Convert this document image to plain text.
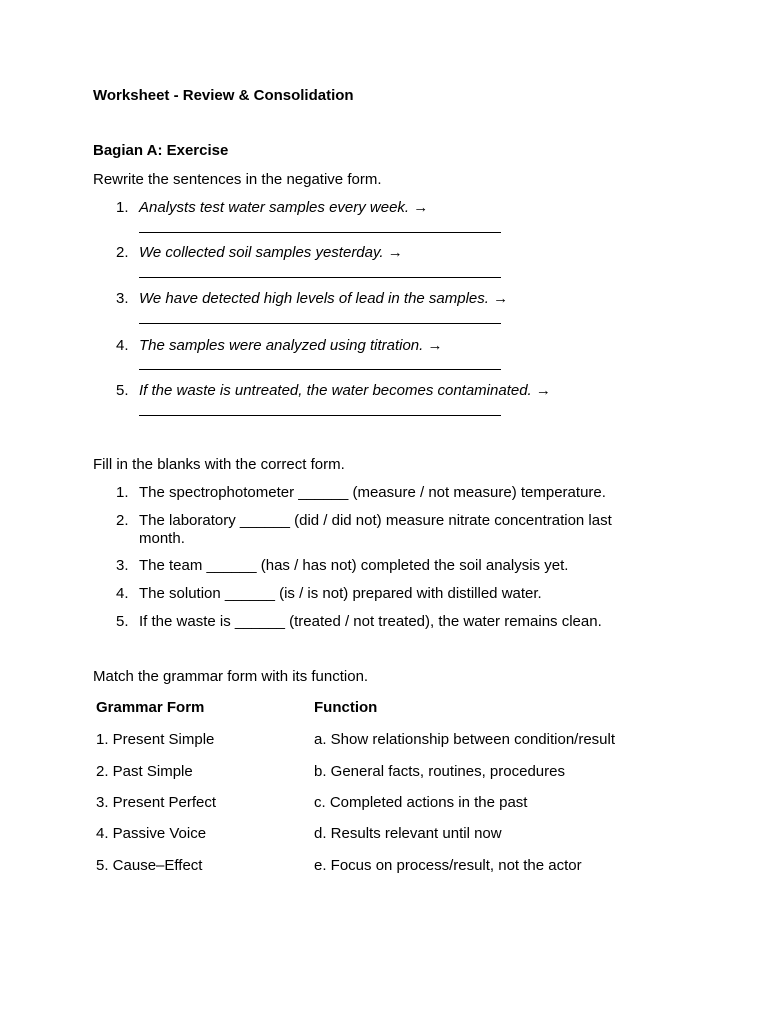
Worksheet - Review & Consolidation
Bagian A: Exercise
Rewrite the sentences in the negative form.
1. Analysts test water samples every week. →
2. We collected soil samples yesterday. →
3. We have detected high levels of lead in the samples. →
4. The samples were analyzed using titration. →
5. If the waste is untreated, the water becomes contaminated. →
Fill in the blanks with the correct form.
1. The spectrophotometer ______ (measure / not measure) temperature.
2. The laboratory ______ (did / did not) measure nitrate concentration last month.
3. The team ______ (has / has not) completed the soil analysis yet.
4. The solution ______ (is / is not) prepared with distilled water.
5. If the waste is ______ (treated / not treated), the water remains clean.
Match the grammar form with its function.
Grammar Form	Function
1. Present Simple	a. Show relationship between condition/result
2. Past Simple	b. General facts, routines, procedures
3. Present Perfect	c. Completed actions in the past
4. Passive Voice	d. Results relevant until now
5. Cause–Effect	e. Focus on process/result, not the actor
